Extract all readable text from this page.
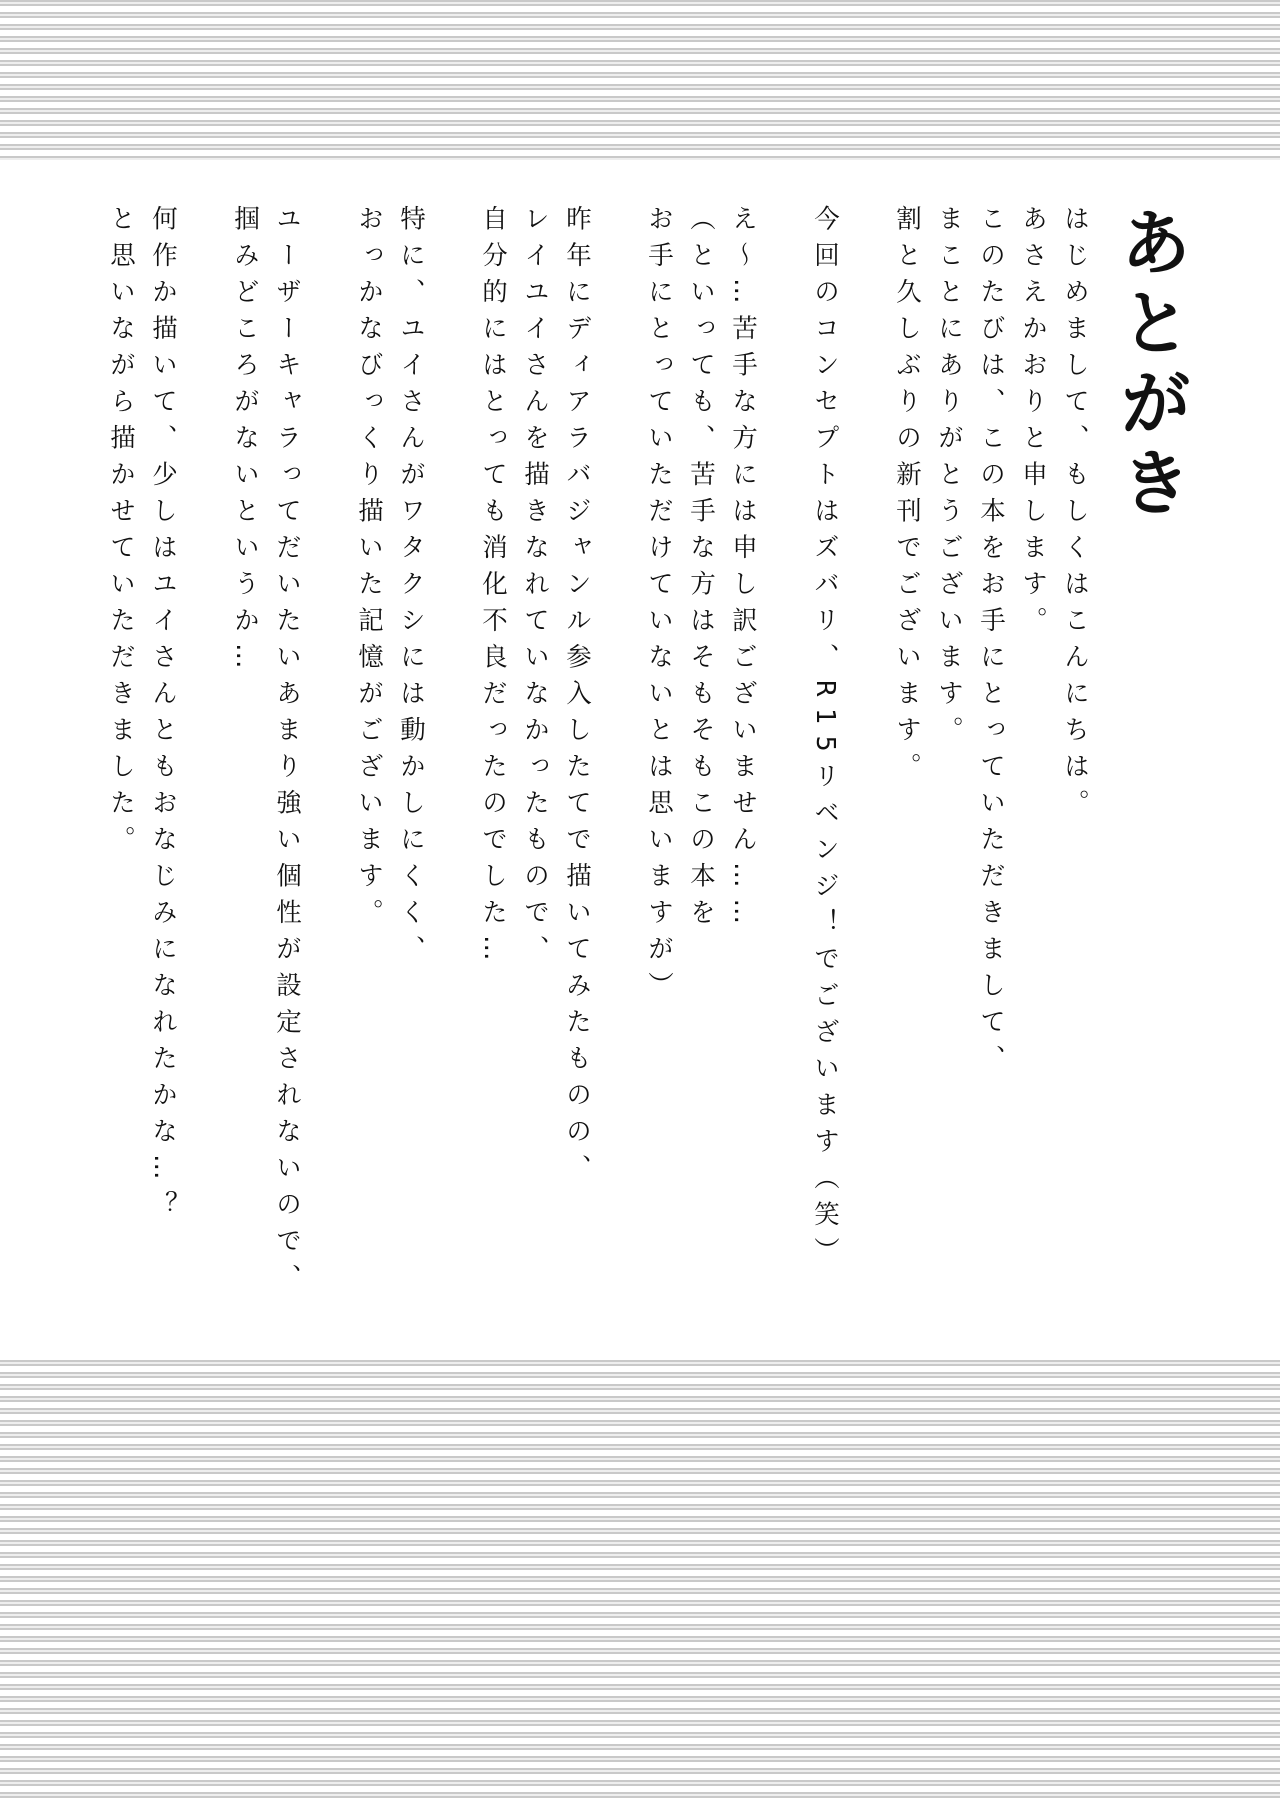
あとがき
はじめまして、もしくはこんにちは。
あさえかおりと申します。
このたびは、この本をお手にとっていただきまして、
まことにありがとうございます。
割と久しぶりの新刊でございます。
今回のコンセプトはズバリ、R15リベンジ！でございます（笑）
え〜…苦手な方には申し訳ございません……
（といっても、苦手な方はそもそもこの本を
お手にとっていただけていないとは思いますが）
昨年にディアラバジャンル参入したてで描いてみたものの、
レイユイさんを描きなれていなかったもので、
自分的にはとっても消化不良だったのでした…
特に、ユイさんがワタクシには動かしにくく、
おっかなびっくり描いた記憶がございます。
ユーザーキャラってだいたいあまり強い個性が設定されないので、
掴みどころがないというか…
何作か描いて、少しはユイさんともおなじみになれたかな…？
と思いながら描かせていただきました。
